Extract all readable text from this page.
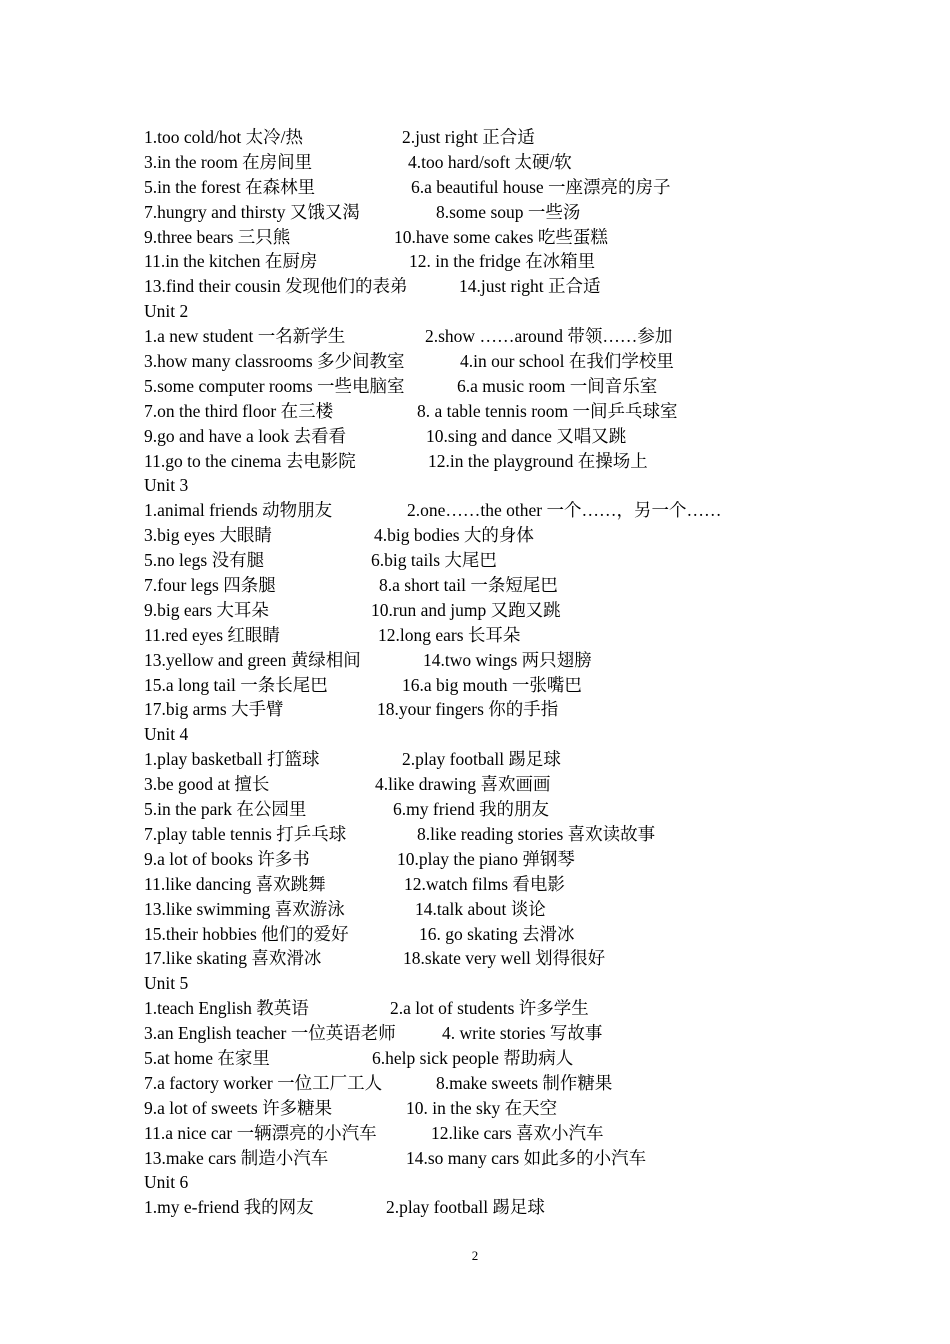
1.too cold/hot 太冷/热	2.just right 正合适
3.in the room 在房间里	4.too hard/soft 太硬/软
5.in the forest 在森林里	6.a beautiful house 一座漂亮的房子
7.hungry and thirsty 又饿又渴	8.some soup 一些汤
9.three bears 三只熊	10.have some cakes 吃些蛋糕
11.in the kitchen 在厨房	12. in the fridge 在冰箱里
13.find their cousin 发现他们的表弟	14.just right 正合适
Unit 2
1.a new student 一名新学生	2.show ……around 带领……参加
3.how many classrooms 多少间教室	4.in our school 在我们学校里
5.some computer rooms 一些电脑室	6.a music room 一间音乐室
7.on the third floor 在三楼	8. a table tennis room 一间乒乓球室
9.go and have a look 去看看	10.sing and dance 又唱又跳
11.go to the cinema 去电影院	12.in the playground 在操场上
Unit 3
1.animal friends 动物朋友	2.one……the other 一个……，另一个……
3.big eyes 大眼睛	4.big bodies 大的身体
5.no legs 没有腿	6.big tails 大尾巴
7.four legs 四条腿	8.a short tail 一条短尾巴
9.big ears 大耳朵	10.run and jump 又跑又跳
11.red eyes 红眼睛	12.long ears 长耳朵
13.yellow and green 黄绿相间	14.two wings 两只翅膀
15.a long tail 一条长尾巴	16.a big mouth 一张嘴巴
17.big arms 大手臂	18.your fingers 你的手指
Unit 4
1.play basketball 打篮球	2.play football 踢足球
3.be good at 擅长	4.like drawing 喜欢画画
5.in the park 在公园里	6.my friend 我的朋友
7.play table tennis 打乒乓球	8.like reading stories 喜欢读故事
9.a lot of books 许多书	10.play the piano 弹钢琴
11.like dancing 喜欢跳舞	12.watch films 看电影
13.like swimming 喜欢游泳	14.talk about 谈论
15.their hobbies 他们的爱好	16. go skating 去滑冰
17.like skating 喜欢滑冰	18.skate very well 划得很好
Unit 5
1.teach English 教英语	2.a lot of students 许多学生
3.an English teacher 一位英语老师	4. write stories 写故事
5.at home 在家里	6.help sick people 帮助病人
7.a factory worker 一位工厂工人	8.make sweets 制作糖果
9.a lot of sweets 许多糖果	10. in the sky 在天空
11.a nice car 一辆漂亮的小汽车	12.like cars 喜欢小汽车
13.make cars 制造小汽车	14.so many cars 如此多的小汽车
Unit 6
1.my e-friend 我的网友	2.play football 踢足球
2
